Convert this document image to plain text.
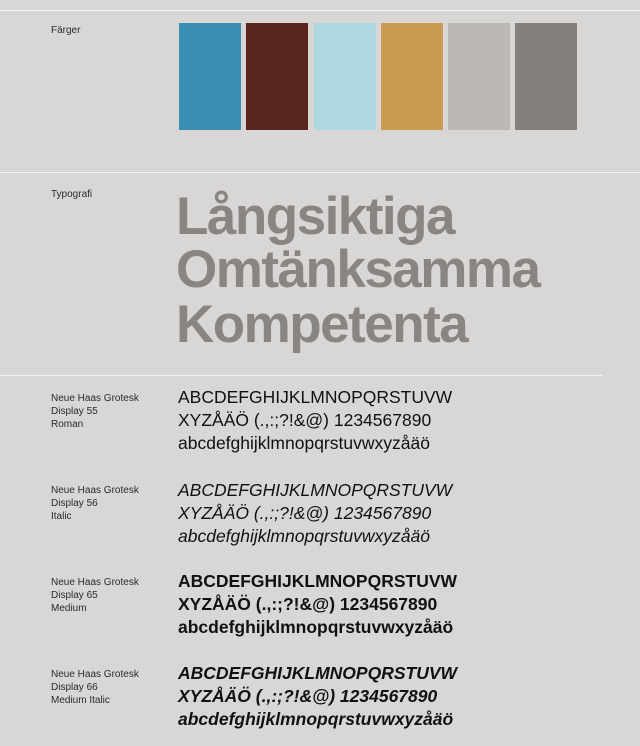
Färger
Typografi Långsiktiga
Omtänksamma
Kompetenta
Neue Haas Grotesk
Display 55
Roman
ABCDEFGHIJKLMNOPQRSTUVW
XYZÅÄÖ (.,:;?!&@) 1234567890
abcdefghijklmnopqrstuvwxyzåäö
Neue Haas Grotesk
Display 56
Italic
ABCDEFGHIJKLMNOPQRSTUVW
XYZÅÄÖ (.,:;?!&@) 1234567890
abcdefghijklmnopqrstuvwxyzåäö
Neue Haas Grotesk
Display 65
Medium
ABCDEFGHIJKLMNOPQRSTUVW
XYZÅÄÖ (.,:;?!&@) 1234567890
abcdefghijklmnopqrstuvwxyzåäö
Neue Haas Grotesk
Display 66
Medium Italic
ABCDEFGHIJKLMNOPQRSTUVW
XYZÅÄÖ (.,:;?!&@) 1234567890
abcdefghijklmnopqrstuvwxyzåäö
